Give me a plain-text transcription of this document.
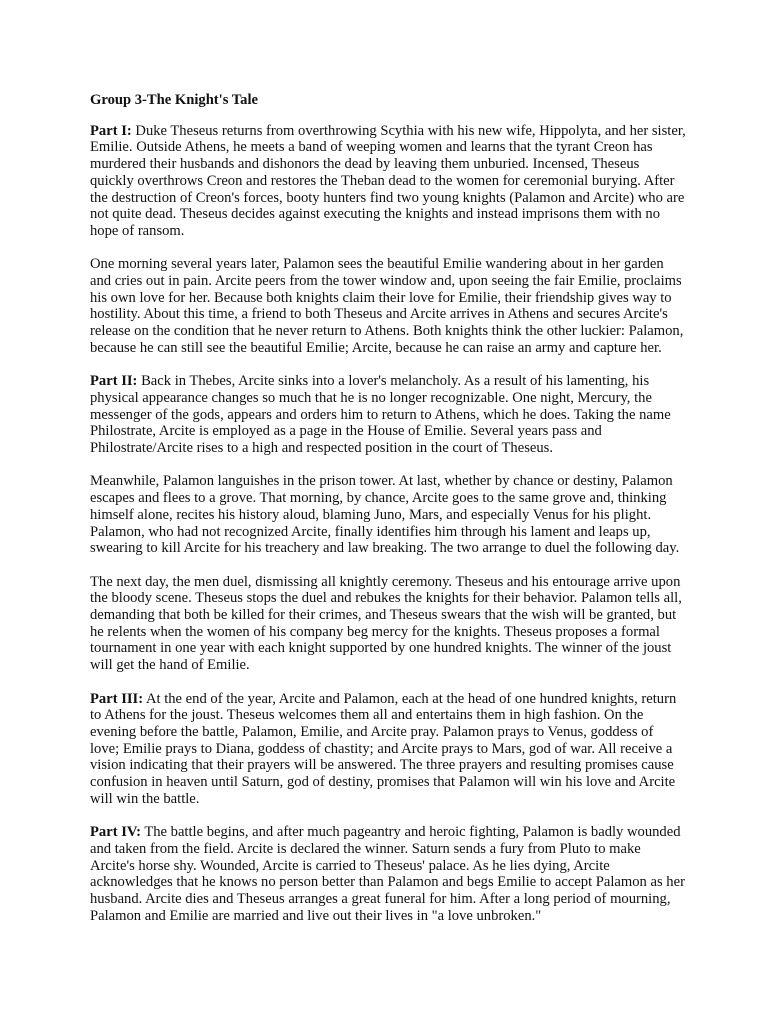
Group 3-The Knight's Tale

Part I: Duke Theseus returns from overthrowing Scythia with his new wife, Hippolyta, and her sister, Emilie. Outside Athens, he meets a band of weeping women and learns that the tyrant Creon has murdered their husbands and dishonors the dead by leaving them unburied. Incensed, Theseus quickly overthrows Creon and restores the Theban dead to the women for ceremonial burying. After the destruction of Creon's forces, booty hunters find two young knights (Palamon and Arcite) who are not quite dead. Theseus decides against executing the knights and instead imprisons them with no hope of ransom.

One morning several years later, Palamon sees the beautiful Emilie wandering about in her garden and cries out in pain. Arcite peers from the tower window and, upon seeing the fair Emilie, proclaims his own love for her. Because both knights claim their love for Emilie, their friendship gives way to hostility. About this time, a friend to both Theseus and Arcite arrives in Athens and secures Arcite's release on the condition that he never return to Athens. Both knights think the other luckier: Palamon, because he can still see the beautiful Emilie; Arcite, because he can raise an army and capture her.

Part II: Back in Thebes, Arcite sinks into a lover's melancholy. As a result of his lamenting, his physical appearance changes so much that he is no longer recognizable. One night, Mercury, the messenger of the gods, appears and orders him to return to Athens, which he does. Taking the name Philostrate, Arcite is employed as a page in the House of Emilie. Several years pass and Philostrate/Arcite rises to a high and respected position in the court of Theseus.

Meanwhile, Palamon languishes in the prison tower. At last, whether by chance or destiny, Palamon escapes and flees to a grove. That morning, by chance, Arcite goes to the same grove and, thinking himself alone, recites his history aloud, blaming Juno, Mars, and especially Venus for his plight. Palamon, who had not recognized Arcite, finally identifies him through his lament and leaps up, swearing to kill Arcite for his treachery and law breaking. The two arrange to duel the following day.

The next day, the men duel, dismissing all knightly ceremony. Theseus and his entourage arrive upon the bloody scene. Theseus stops the duel and rebukes the knights for their behavior. Palamon tells all, demanding that both be killed for their crimes, and Theseus swears that the wish will be granted, but he relents when the women of his company beg mercy for the knights. Theseus proposes a formal tournament in one year with each knight supported by one hundred knights. The winner of the joust will get the hand of Emilie.

Part III: At the end of the year, Arcite and Palamon, each at the head of one hundred knights, return to Athens for the joust. Theseus welcomes them all and entertains them in high fashion. On the evening before the battle, Palamon, Emilie, and Arcite pray. Palamon prays to Venus, goddess of love; Emilie prays to Diana, goddess of chastity; and Arcite prays to Mars, god of war. All receive a vision indicating that their prayers will be answered. The three prayers and resulting promises cause confusion in heaven until Saturn, god of destiny, promises that Palamon will win his love and Arcite will win the battle.

Part IV: The battle begins, and after much pageantry and heroic fighting, Palamon is badly wounded and taken from the field. Arcite is declared the winner. Saturn sends a fury from Pluto to make Arcite's horse shy. Wounded, Arcite is carried to Theseus' palace. As he lies dying, Arcite acknowledges that he knows no person better than Palamon and begs Emilie to accept Palamon as her husband. Arcite dies and Theseus arranges a great funeral for him. After a long period of mourning, Palamon and Emilie are married and live out their lives in "a love unbroken."
